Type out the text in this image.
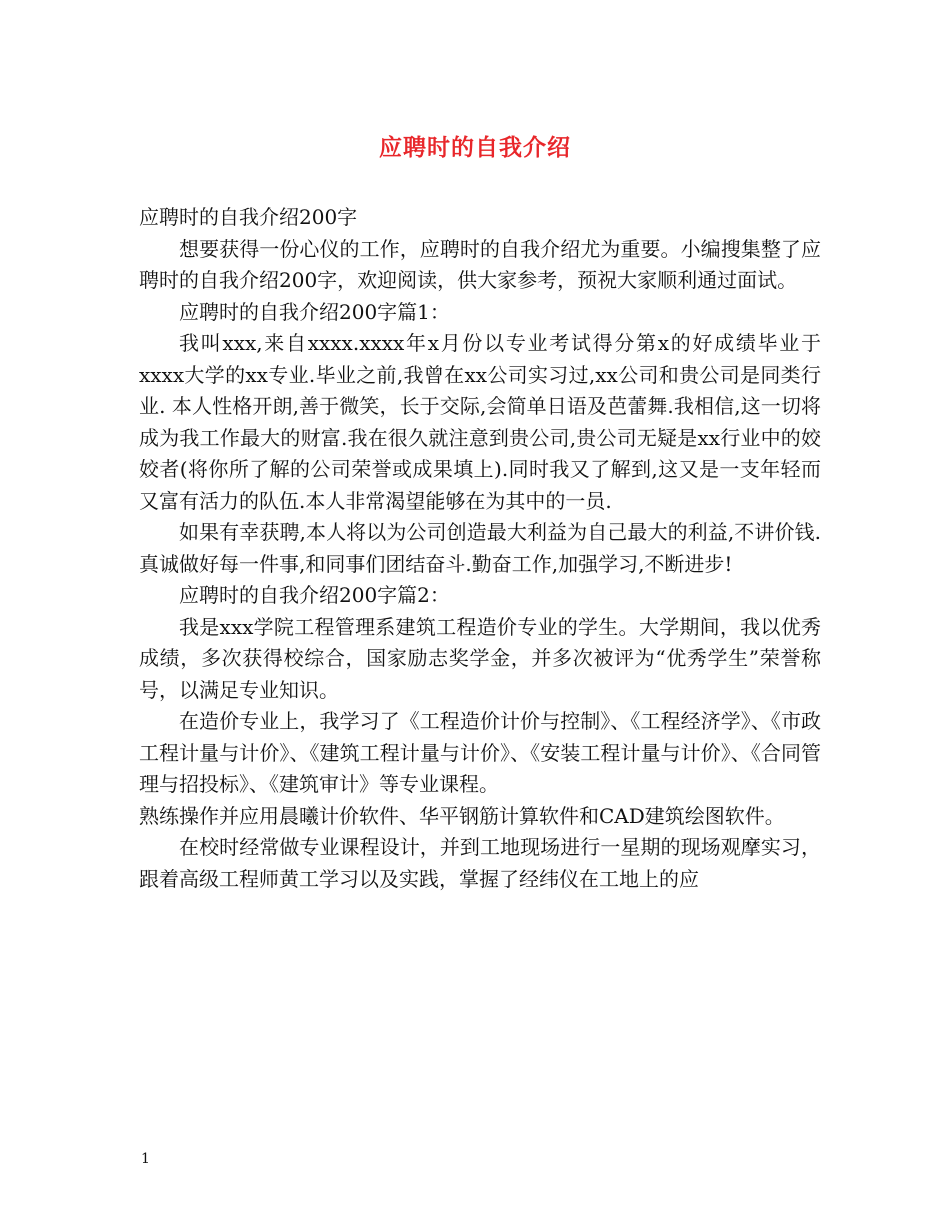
应聘时的自我介绍

应聘时的自我介绍200字

想要获得一份心仪的工作，应聘时的自我介绍尤为重要。小编搜集整了应聘时的自我介绍200字，欢迎阅读，供大家参考，预祝大家顺利通过面试。

应聘时的自我介绍200字篇1：

我叫xxx,来自xxxx.xxxx年x月份以专业考试得分第x的好成绩毕业于xxxx大学的xx专业.毕业之前,我曾在xx公司实习过,xx公司和贵公司是同类行业. 本人性格开朗,善于微笑，长于交际,会简单日语及芭蕾舞.我相信,这一切将成为我工作最大的财富.我在很久就注意到贵公司,贵公司无疑是xx行业中的姣姣者(将你所了解的公司荣誉或成果填上).同时我又了解到,这又是一支年轻而又富有活力的队伍.本人非常渴望能够在为其中的一员.

如果有幸获聘,本人将以为公司创造最大利益为自己最大的利益,不讲价钱.真诚做好每一件事,和同事们团结奋斗.勤奋工作,加强学习,不断进步!

应聘时的自我介绍200字篇2：

我是xxx学院工程管理系建筑工程造价专业的学生。大学期间，我以优秀成绩，多次获得校综合，国家励志奖学金，并多次被评为“优秀学生”荣誉称号，以满足专业知识。

在造价专业上，我学习了《工程造价计价与控制》、《工程经济学》、《市政工程计量与计价》、《建筑工程计量与计价》、《安装工程计量与计价》、《合同管理与招投标》、《建筑审计》等专业课程。

熟练操作并应用晨曦计价软件、华平钢筋计算软件和CAD建筑绘图软件。

在校时经常做专业课程设计，并到工地现场进行一星期的现场观摩实习，跟着高级工程师黄工学习以及实践，掌握了经纬仪在工地上的应

1
